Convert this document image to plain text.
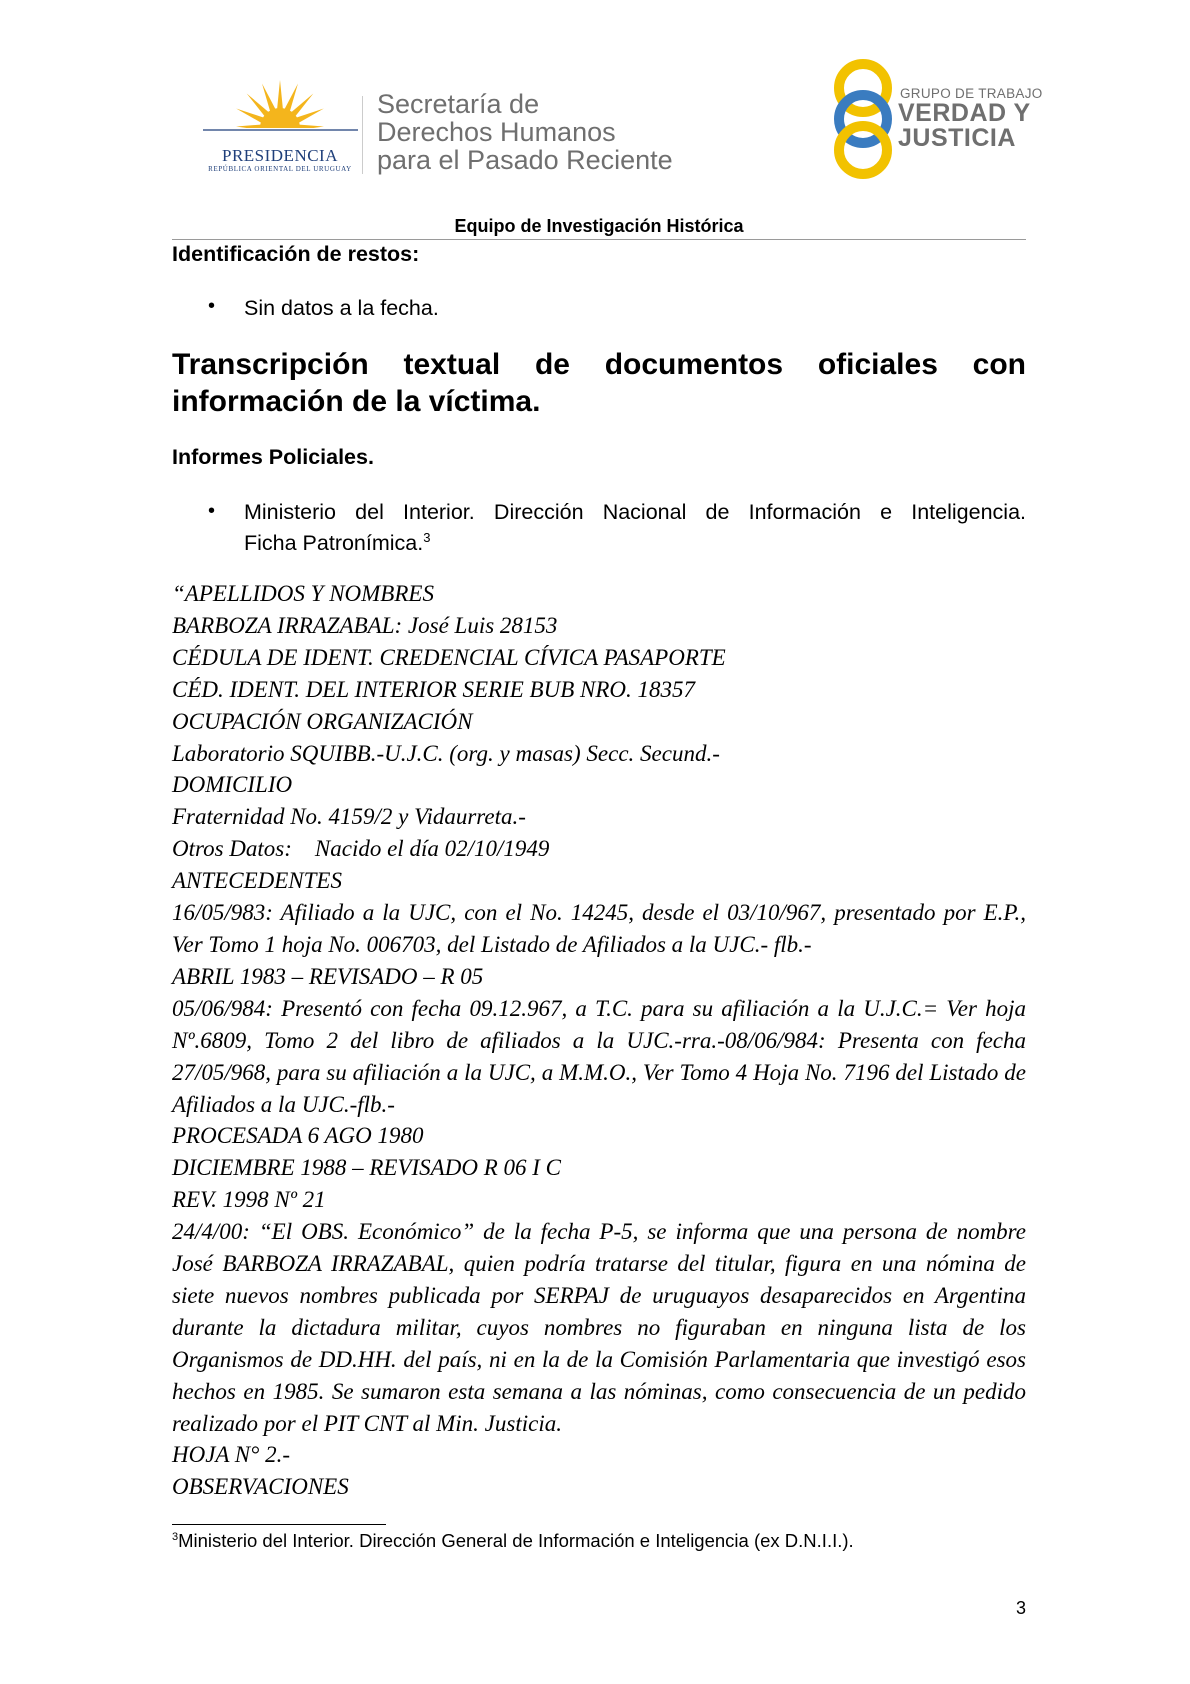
PRESIDENCIA
REPÚBLICA ORIENTAL DEL URUGUAY
Secretaría de
Derechos Humanos
para el Pasado Reciente
GRUPO DE TRABAJO
VERDAD Y
JUSTICIA
Equipo de Investigación Histórica
Identificación de restos:
• Sin datos a la fecha.
Transcripción textual de documentos oficiales con
información de la víctima.
Informes Policiales.
• Ministerio del Interior. Dirección Nacional de Información e Inteligencia.
Ficha Patronímica.$^3$
“APELLIDOS Y NOMBRES
BARBOZA IRRAZABAL: José Luis 28153
CÉDULA DE IDENT. CREDENCIAL CÍVICA PASAPORTE
CÉD. IDENT. DEL INTERIOR SERIE BUB NRO. 18357
OCUPACIÓN ORGANIZACIÓN
Laboratorio SQUIBB.-U.J.C. (org. y masas) Secc. Secund.-
DOMICILIO
Fraternidad No. 4159/2 y Vidaurreta.-
Otros Datos:    Nacido el día 02/10/1949
ANTECEDENTES
16/05/983: Afiliado a la UJC, con el No. 14245, desde el 03/10/967, presentado por E.P., Ver Tomo 1 hoja No. 006703, del Listado de Afiliados a la UJC.- flb.-
ABRIL 1983 – REVISADO – R 05
05/06/984: Presentó con fecha 09.12.967, a T.C. para su afiliación a la U.J.C.= Ver hoja Nº.6809, Tomo 2 del libro de afiliados a la UJC.-rra.-08/06/984: Presenta con fecha 27/05/968, para su afiliación a la UJC, a M.M.O., Ver Tomo 4 Hoja No. 7196 del Listado de Afiliados a la UJC.-flb.-
PROCESADA 6 AGO 1980
DICIEMBRE 1988 – REVISADO R 06 I C
REV. 1998 Nº 21
24/4/00: “El OBS. Económico” de la fecha P-5, se informa que una persona de nombre José BARBOZA IRRAZABAL, quien podría tratarse del titular, figura en una nómina de siete nuevos nombres publicada por SERPAJ de uruguayos desaparecidos en Argentina durante la dictadura militar, cuyos nombres no figuraban en ninguna lista de los Organismos de DD.HH. del país, ni en la de la Comisión Parlamentaria que investigó esos hechos en 1985. Se sumaron esta semana a las nóminas, como consecuencia de un pedido realizado por el PIT CNT al Min. Justicia.
HOJA N° 2.-
OBSERVACIONES
$^3$Ministerio del Interior. Dirección General de Información e Inteligencia (ex D.N.I.I.).
3
